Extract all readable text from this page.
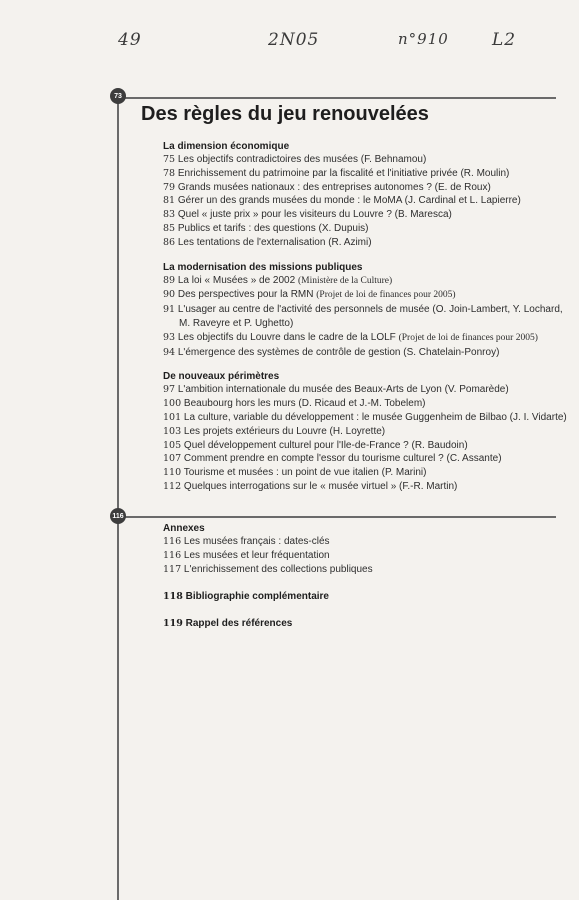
49	2N05	n°910	L2
73
116
Des règles du jeu renouvelées
La dimension économique
75 Les objectifs contradictoires des musées (F. Behnamou)
78 Enrichissement du patrimoine par la fiscalité et l'initiative privée (R. Moulin)
79 Grands musées nationaux : des entreprises autonomes ? (E. de Roux)
81 Gérer un des grands musées du monde : le MoMA (J. Cardinal et L. Lapierre)
83 Quel « juste prix » pour les visiteurs du Louvre ? (B. Maresca)
85 Publics et tarifs : des questions (X. Dupuis)
86 Les tentations de l'externalisation (R. Azimi)
La modernisation des missions publiques
89 La loi « Musées » de 2002 (Ministère de la Culture)
90 Des perspectives pour la RMN (Projet de loi de finances pour 2005)
91 L'usager au centre de l'activité des personnels de musée (O. Join-Lambert, Y. Lochard, M. Raveyre et P. Ughetto)
93 Les objectifs du Louvre dans le cadre de la LOLF (Projet de loi de finances pour 2005)
94 L'émergence des systèmes de contrôle de gestion (S. Chatelain-Ponroy)
De nouveaux périmètres
97 L'ambition internationale du musée des Beaux-Arts de Lyon (V. Pomarède)
100 Beaubourg hors les murs (D. Ricaud et J.-M. Tobelem)
101 La culture, variable du développement : le musée Guggenheim de Bilbao (J. I. Vidarte)
103 Les projets extérieurs du Louvre (H. Loyrette)
105 Quel développement culturel pour l'Ile-de-France ? (R. Baudoin)
107 Comment prendre en compte l'essor du tourisme culturel ? (C. Assante)
110 Tourisme et musées : un point de vue italien (P. Marini)
112 Quelques interrogations sur le « musée virtuel » (F.-R. Martin)
Annexes
116 Les musées français : dates-clés
116 Les musées et leur fréquentation
117 L'enrichissement des collections publiques
118 Bibliographie complémentaire
119 Rappel des références
